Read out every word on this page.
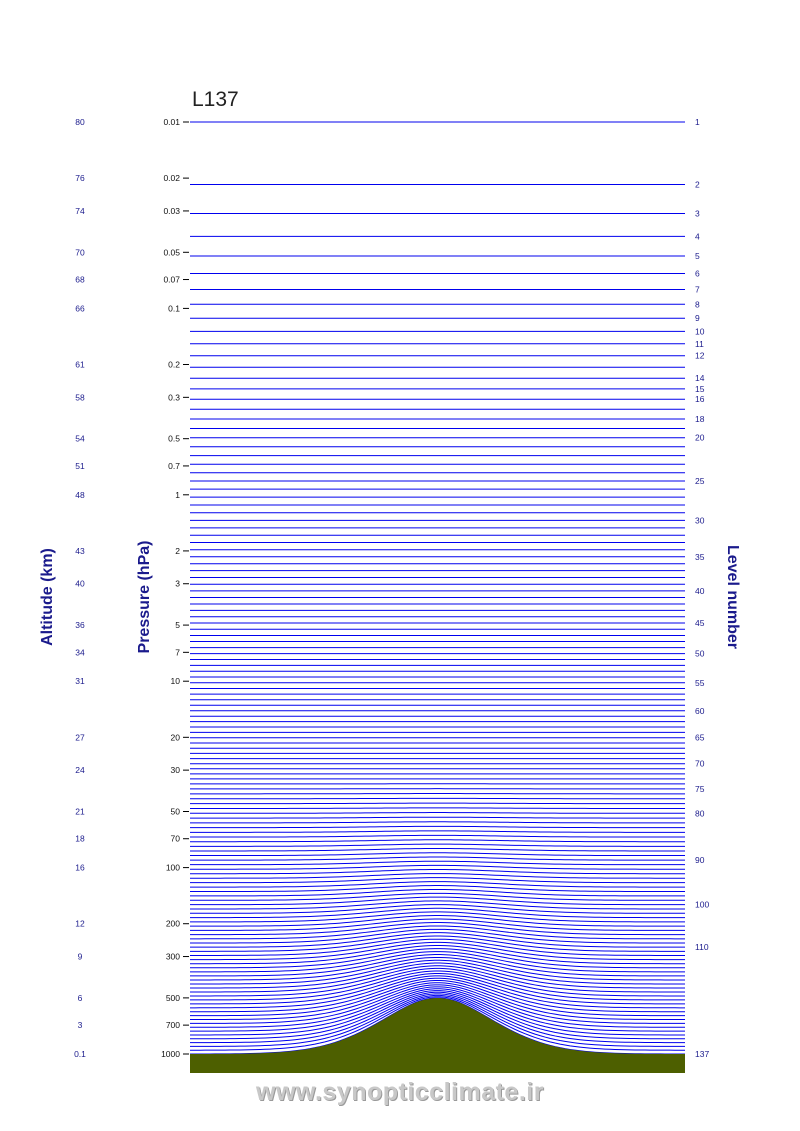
L137
Altitude (km)	Pressure (hPa)	Level number
80	0.01
76	0.02
74	0.03
70	0.05
68	0.07
66	0.1
61	0.2
58	0.3
54	0.5
51	0.7
48	1
43	2
40	3
36	5
34	7
31	10
27	20
24	30
21	50
18	70
16	100
12	200
9	300
6	500
3	700
0.1	1000
1
2
3
4
5
6
7
8
9
10
11
12
14
15
16
18
20
25
30
35
40
45
50
55
60
65
70
75
80
90
100
110
137
www.synopticclimate.ir
